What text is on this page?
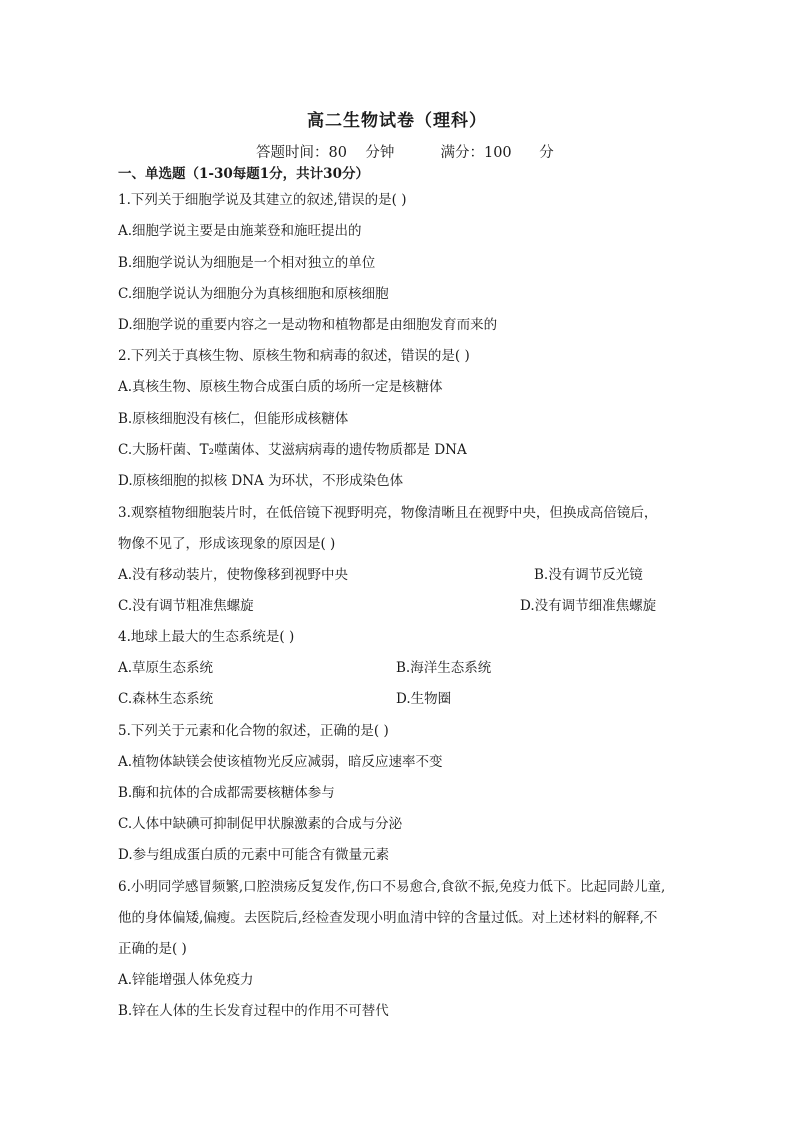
高二生物试卷（理科）
答题时间：80    分钟          满分：100      分
一、单选题（1-30每题1分，共计30分）
1.下列关于细胞学说及其建立的叙述,错误的是( )
A.细胞学说主要是由施莱登和施旺提出的
B.细胞学说认为细胞是一个相对独立的单位
C.细胞学说认为细胞分为真核细胞和原核细胞
D.细胞学说的重要内容之一是动物和植物都是由细胞发育而来的
2.下列关于真核生物、原核生物和病毒的叙述，错误的是( )
A.真核生物、原核生物合成蛋白质的场所一定是核糖体
B.原核细胞没有核仁，但能形成核糖体
C.大肠杆菌、T₂噬菌体、艾滋病病毒的遗传物质都是 DNA
D.原核细胞的拟核 DNA 为环状，不形成染色体
3.观察植物细胞装片时，在低倍镜下视野明亮，物像清晰且在视野中央，但换成高倍镜后，
物像不见了，形成该现象的原因是( )
A.没有移动装片，使物像移到视野中央	B.没有调节反光镜
C.没有调节粗准焦螺旋	D.没有调节细准焦螺旋
4.地球上最大的生态系统是( )
A.草原生态系统	B.海洋生态系统
C.森林生态系统	D.生物圈
5.下列关于元素和化合物的叙述，正确的是( )
A.植物体缺镁会使该植物光反应减弱，暗反应速率不变
B.酶和抗体的合成都需要核糖体参与
C.人体中缺碘可抑制促甲状腺激素的合成与分泌
D.参与组成蛋白质的元素中可能含有微量元素
6.小明同学感冒频繁,口腔溃疡反复发作,伤口不易愈合,食欲不振,免疫力低下。比起同龄儿童,
他的身体偏矮,偏瘦。去医院后,经检查发现小明血清中锌的含量过低。对上述材料的解释,不
正确的是( )
A.锌能增强人体免疫力
B.锌在人体的生长发育过程中的作用不可替代
